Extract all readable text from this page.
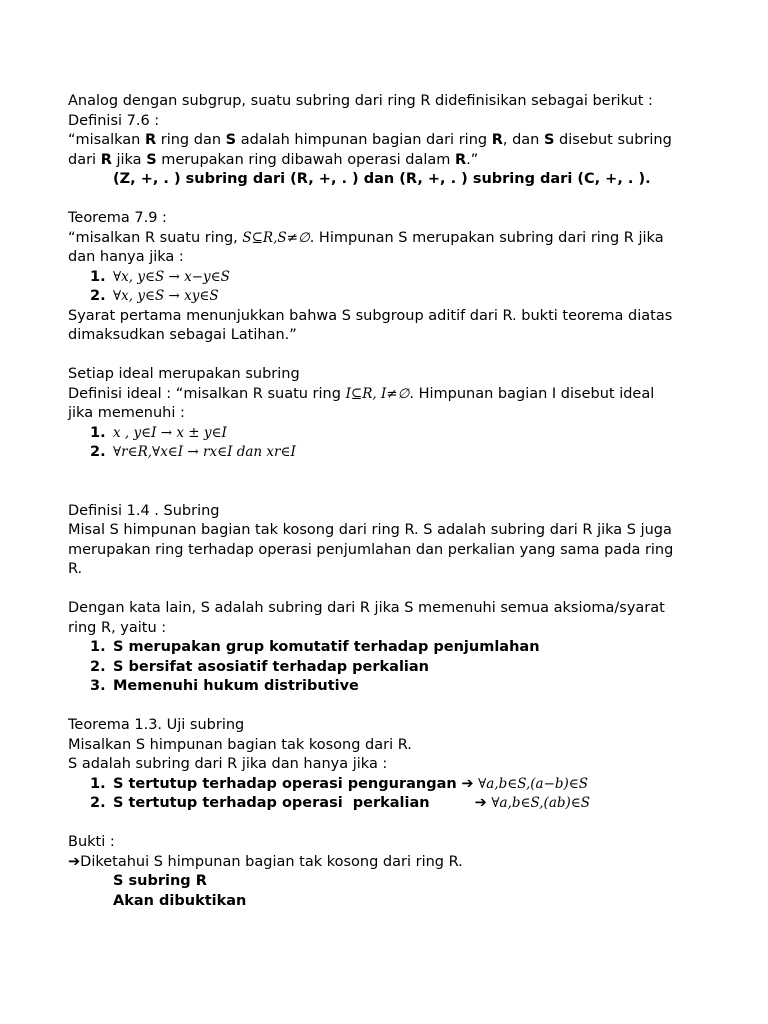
Analog dengan subgrup, suatu subring dari ring R didefinisikan sebagai berikut :
Definisi 7.6 :
“misalkan R ring dan S adalah himpunan bagian dari ring R, dan S disebut subring
dari R jika S merupakan ring dibawah operasi dalam R.”
(Z, +, . ) subring dari (R, +, . ) dan (R, +, . ) subring dari (C, +, . ).
Teorema 7.9 :
“misalkan R suatu ring, S⊆R,S≠∅. Himpunan S merupakan subring dari ring R jika
dan hanya jika :
1. ∀x, y∈S → x−y∈S
2. ∀x, y∈S → xy∈S
Syarat pertama menunjukkan bahwa S subgroup aditif dari R. bukti teorema diatas
dimaksudkan sebagai Latihan.”
Setiap ideal merupakan subring
Definisi ideal : “misalkan R suatu ring I⊆R, I≠∅. Himpunan bagian I disebut ideal
jika memenuhi :
1. x , y∈I → x ± y∈I
2. ∀r∈R,∀x∈I → rx∈I dan xr∈I
Definisi 1.4 . Subring
Misal S himpunan bagian tak kosong dari ring R. S adalah subring dari R jika S juga
merupakan ring terhadap operasi penjumlahan dan perkalian yang sama pada ring
R.
Dengan kata lain, S adalah subring dari R jika S memenuhi semua aksioma/syarat
ring R, yaitu :
1. S merupakan grup komutatif terhadap penjumlahan
2. S bersifat asosiatif terhadap perkalian
3. Memenuhi hukum distributive
Teorema 1.3. Uji subring
Misalkan S himpunan bagian tak kosong dari R.
S adalah subring dari R jika dan hanya jika :
1. S tertutup terhadap operasi pengurangan ➔ ∀a,b∈S,(a−b)∈S
2. S tertutup terhadap operasi  perkalian	➔ ∀a,b∈S,(ab)∈S
Bukti :
➔Diketahui S himpunan bagian tak kosong dari ring R.
S subring R
Akan dibuktikan
